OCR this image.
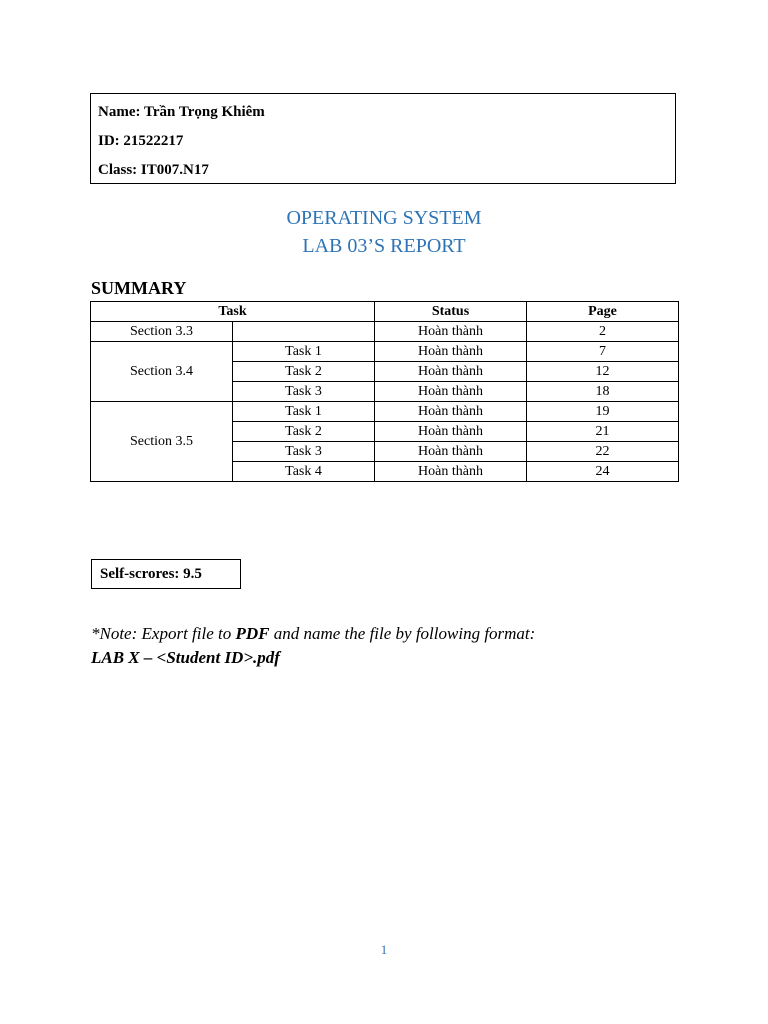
Name: Trần Trọng Khiêm
ID: 21522217
Class: IT007.N17
OPERATING SYSTEM
LAB 03’S REPORT
SUMMARY
Task		Status	Page
Section 3.3		Hoàn thành	2
Section 3.4	Task 1	Hoàn thành	7
	Task 2	Hoàn thành	12
	Task 3	Hoàn thành	18
Section 3.5	Task 1	Hoàn thành	19
	Task 2	Hoàn thành	21
	Task 3	Hoàn thành	22
	Task 4	Hoàn thành	24
Self-scrores: 9.5
*Note: Export file to PDF and name the file by following format:
LAB X – <Student ID>.pdf
1
